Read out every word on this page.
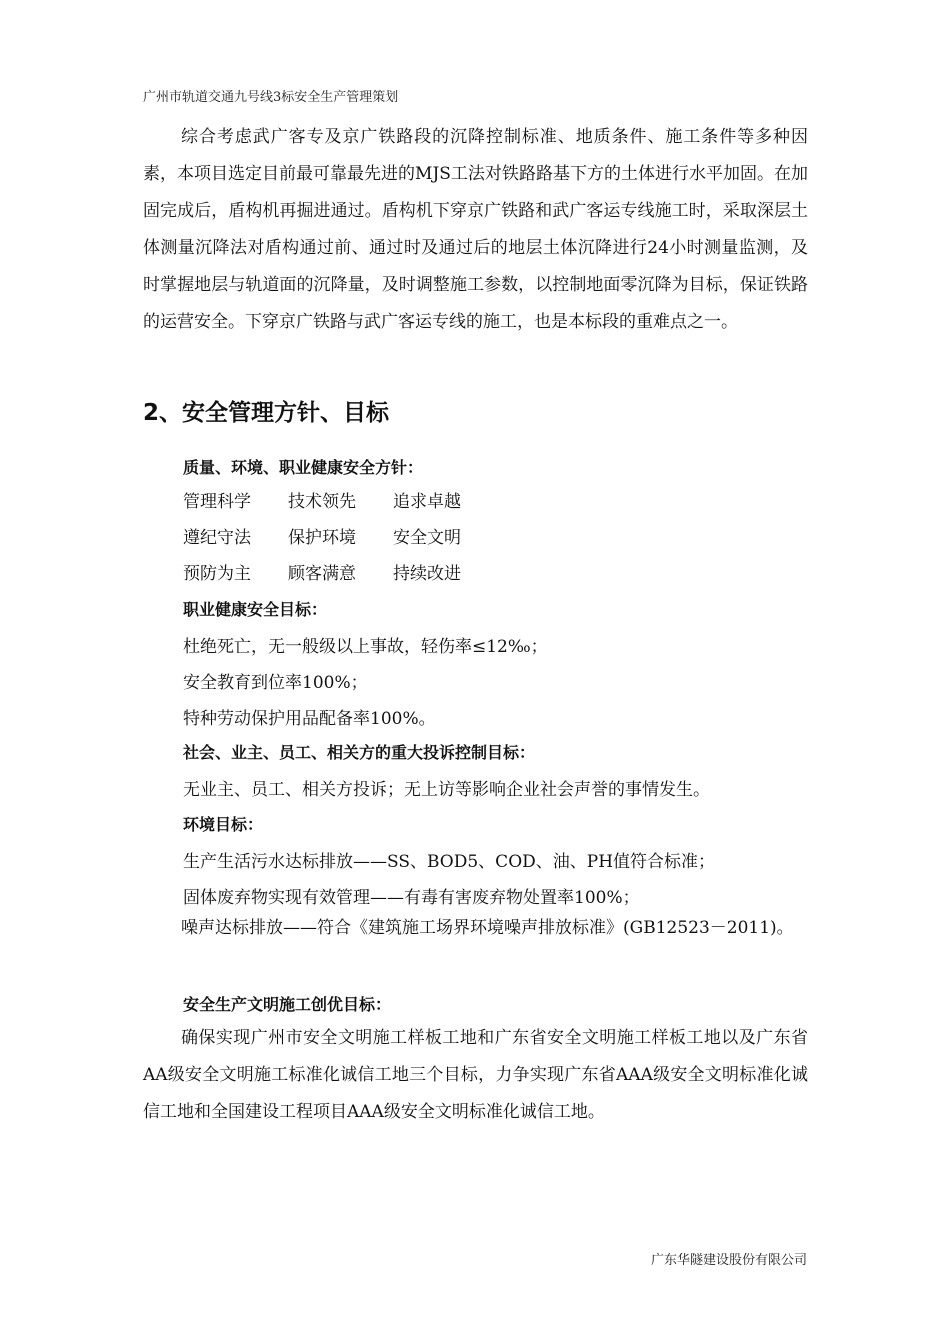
广州市轨道交通九号线3标安全生产管理策划

综合考虑武广客专及京广铁路段的沉降控制标准、地质条件、施工条件等多种因素，本项目选定目前最可靠最先进的MJS工法对铁路路基下方的土体进行水平加固。在加固完成后，盾构机再掘进通过。盾构机下穿京广铁路和武广客运专线施工时，采取深层土体测量沉降法对盾构通过前、通过时及通过后的地层土体沉降进行24小时测量监测，及时掌握地层与轨道面的沉降量，及时调整施工参数，以控制地面零沉降为目标，保证铁路的运营安全。下穿京广铁路与武广客运专线的施工，也是本标段的重难点之一。

2、安全管理方针、目标
质量、环境、职业健康安全方针：
管理科学 技术领先 追求卓越
遵纪守法 保护环境 安全文明
预防为主 顾客满意 持续改进
职业健康安全目标：
杜绝死亡，无一般级以上事故，轻伤率≤12‰；
安全教育到位率100%；
特种劳动保护用品配备率100%。
社会、业主、员工、相关方的重大投诉控制目标：
无业主、员工、相关方投诉；无上访等影响企业社会声誉的事情发生。
环境目标：
生产生活污水达标排放——SS、BOD5、COD、油、PH值符合标准；
固体废弃物实现有效管理——有毒有害废弃物处置率100%；

噪声达标排放——符合《建筑施工场界环境噪声排放标准》(GB12523－2011)。

安全生产文明施工创优目标：

确保实现广州市安全文明施工样板工地和广东省安全文明施工样板工地以及广东省AA级安全文明施工标准化诚信工地三个目标，力争实现广东省AAA级安全文明标准化诚信工地和全国建设工程项目AAA级安全文明标准化诚信工地。

广东华隧建设股份有限公司
